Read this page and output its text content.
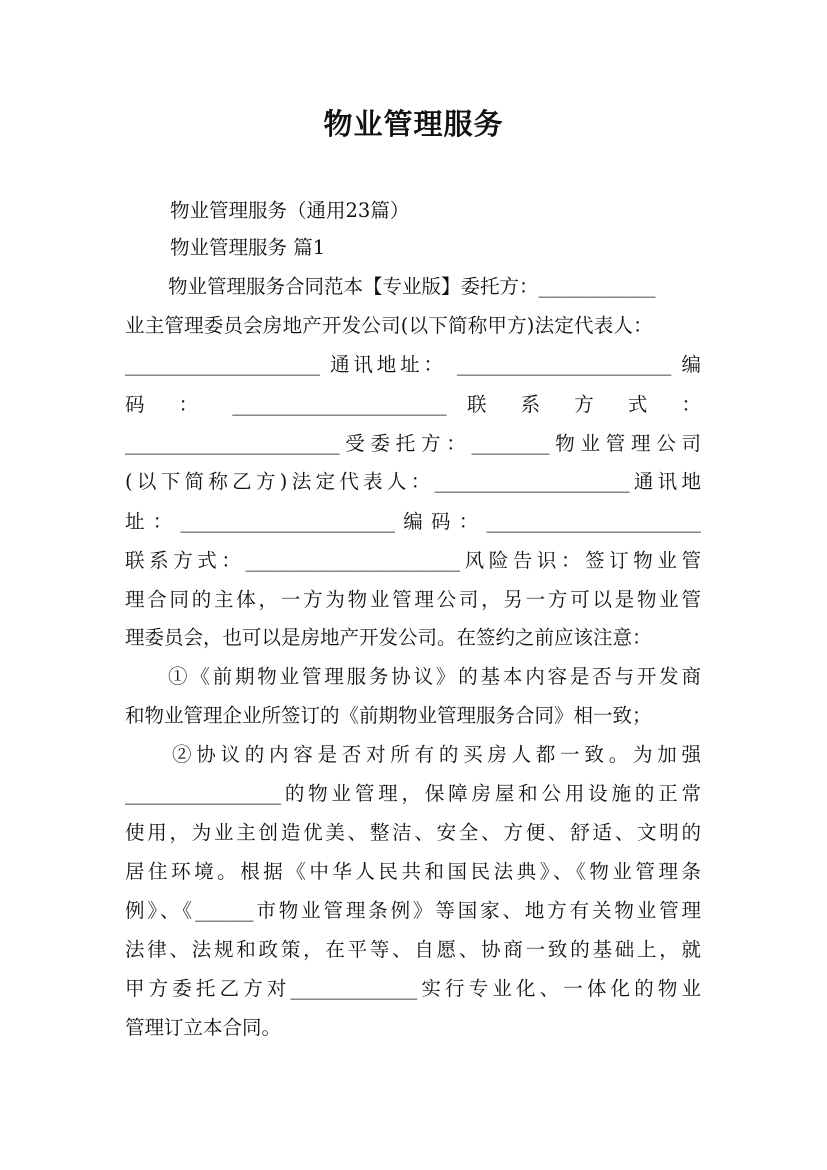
物业管理服务
物业管理服务（通用23篇）
物业管理服务 篇1
物业管理服务合同范本【专业版】委托方：____________
业主管理委员会房地产开发公司(以下简称甲方)法定代表人：
____________________ 通讯地址： ______________________ 编
码 ： ______________________ 联 系 方 式 ：
______________________受委托方：________物业管理公司
(以下简称乙方)法定代表人：____________________通讯地
址：______________________编码：______________________
联系方式：______________________风险告识：签订物业管
理合同的主体，一方为物业管理公司，另一方可以是物业管
理委员会，也可以是房地产开发公司。在签约之前应该注意：
①《前期物业管理服务协议》的基本内容是否与开发商
和物业管理企业所签订的《前期物业管理服务合同》相一致；
②协议的内容是否对所有的买房人都一致。为加强
________________的物业管理，保障房屋和公用设施的正常
使用，为业主创造优美、整洁、安全、方便、舒适、文明的
居住环境。根据《中华人民共和国民法典》、《物业管理条
例》、《______市物业管理条例》等国家、地方有关物业管理
法律、法规和政策，在平等、自愿、协商一致的基础上，就
甲方委托乙方对_____________实行专业化、一体化的物业
管理订立本合同。
